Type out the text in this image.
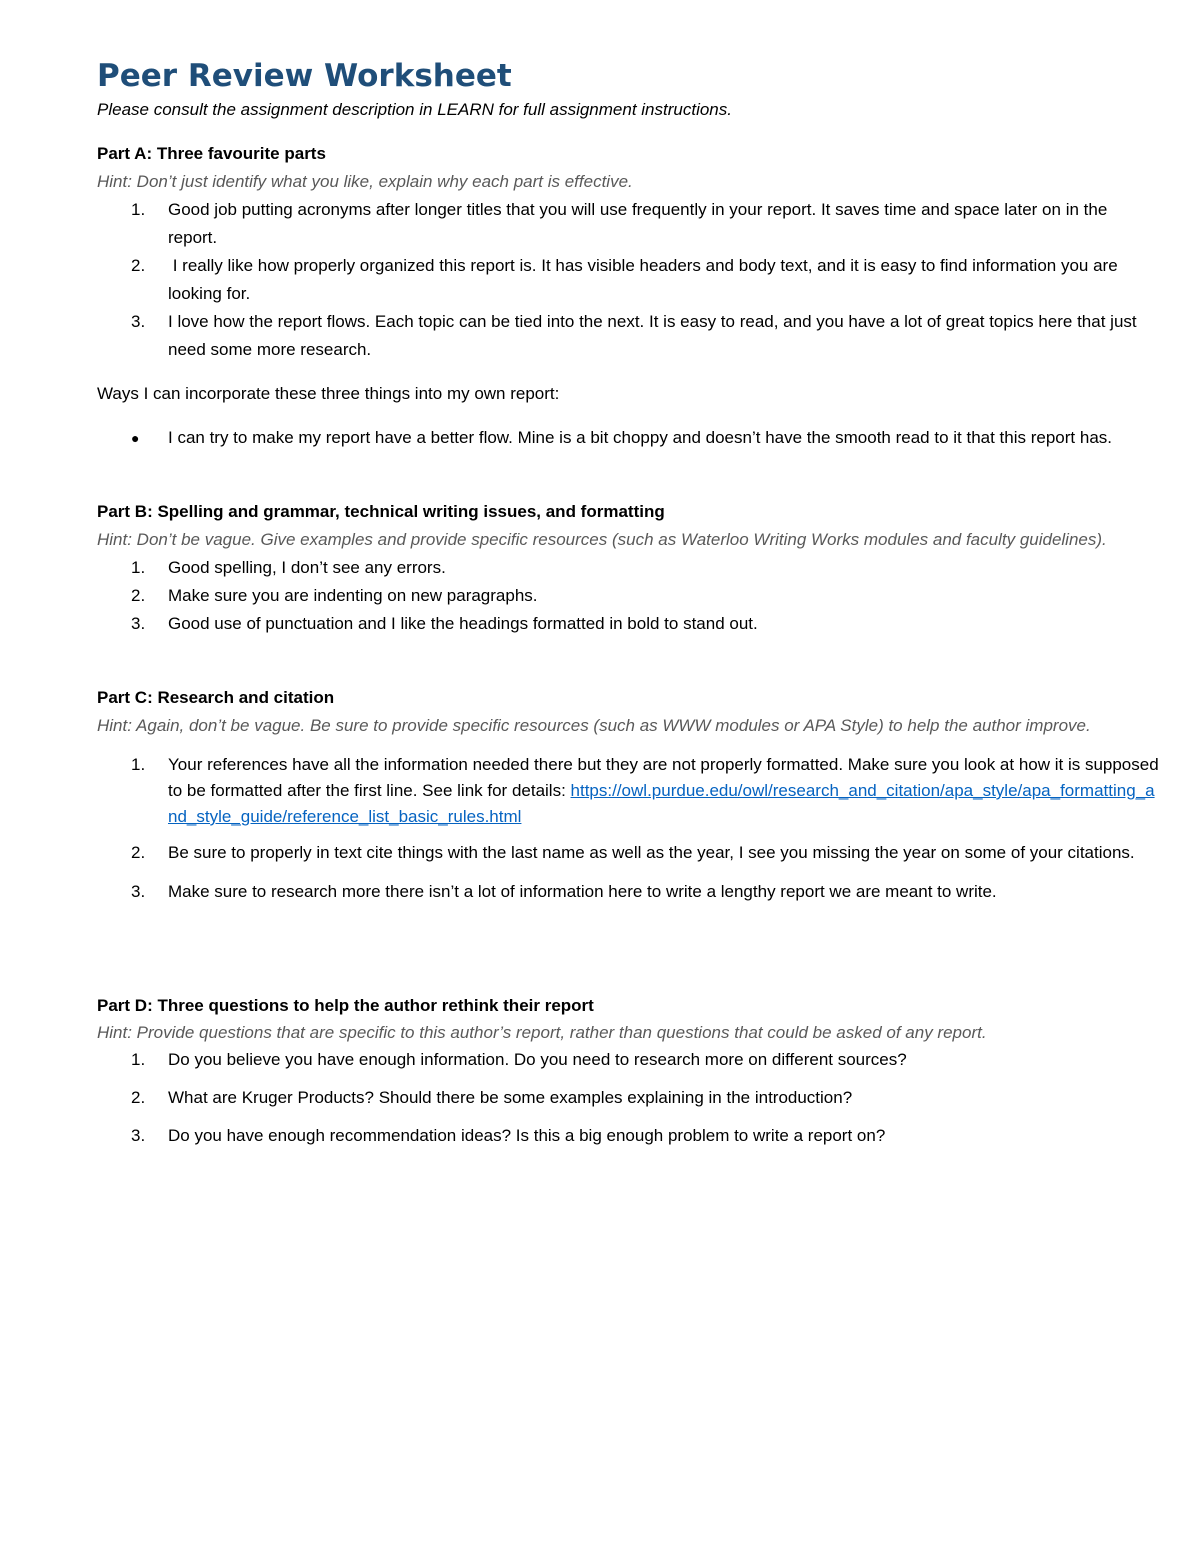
Peer Review Worksheet

Please consult the assignment description in LEARN for full assignment instructions.

Part A: Three favourite parts

Hint: Don’t just identify what you like, explain why each part is effective.

1. Good job putting acronyms after longer titles that you will use frequently in your report. It saves time and space later on in the report.
2. I really like how properly organized this report is. It has visible headers and body text, and it is easy to find information you are looking for.
3. I love how the report flows. Each topic can be tied into the next. It is easy to read, and you have a lot of great topics here that just need some more research.

Ways I can incorporate these three things into my own report:

● I can try to make my report have a better flow. Mine is a bit choppy and doesn’t have the smooth read to it that this report has.

Part B: Spelling and grammar, technical writing issues, and formatting

Hint: Don’t be vague. Give examples and provide specific resources (such as Waterloo Writing Works modules and faculty guidelines).

1. Good spelling, I don’t see any errors.
2. Make sure you are indenting on new paragraphs.
3. Good use of punctuation and I like the headings formatted in bold to stand out.

Part C: Research and citation

Hint: Again, don’t be vague. Be sure to provide specific resources (such as WWW modules or APA Style) to help the author improve.

1. Your references have all the information needed there but they are not properly formatted. Make sure you look at how it is supposed to be formatted after the first line. See link for details: https://owl.purdue.edu/owl/research_and_citation/apa_style/apa_formatting_and_style_guide/reference_list_basic_rules.html
2. Be sure to properly in text cite things with the last name as well as the year, I see you missing the year on some of your citations.
3. Make sure to research more there isn’t a lot of information here to write a lengthy report we are meant to write.

Part D: Three questions to help the author rethink their report

Hint: Provide questions that are specific to this author’s report, rather than questions that could be asked of any report.

1. Do you believe you have enough information. Do you need to research more on different sources?
2. What are Kruger Products? Should there be some examples explaining in the introduction?
3. Do you have enough recommendation ideas? Is this a big enough problem to write a report on?
